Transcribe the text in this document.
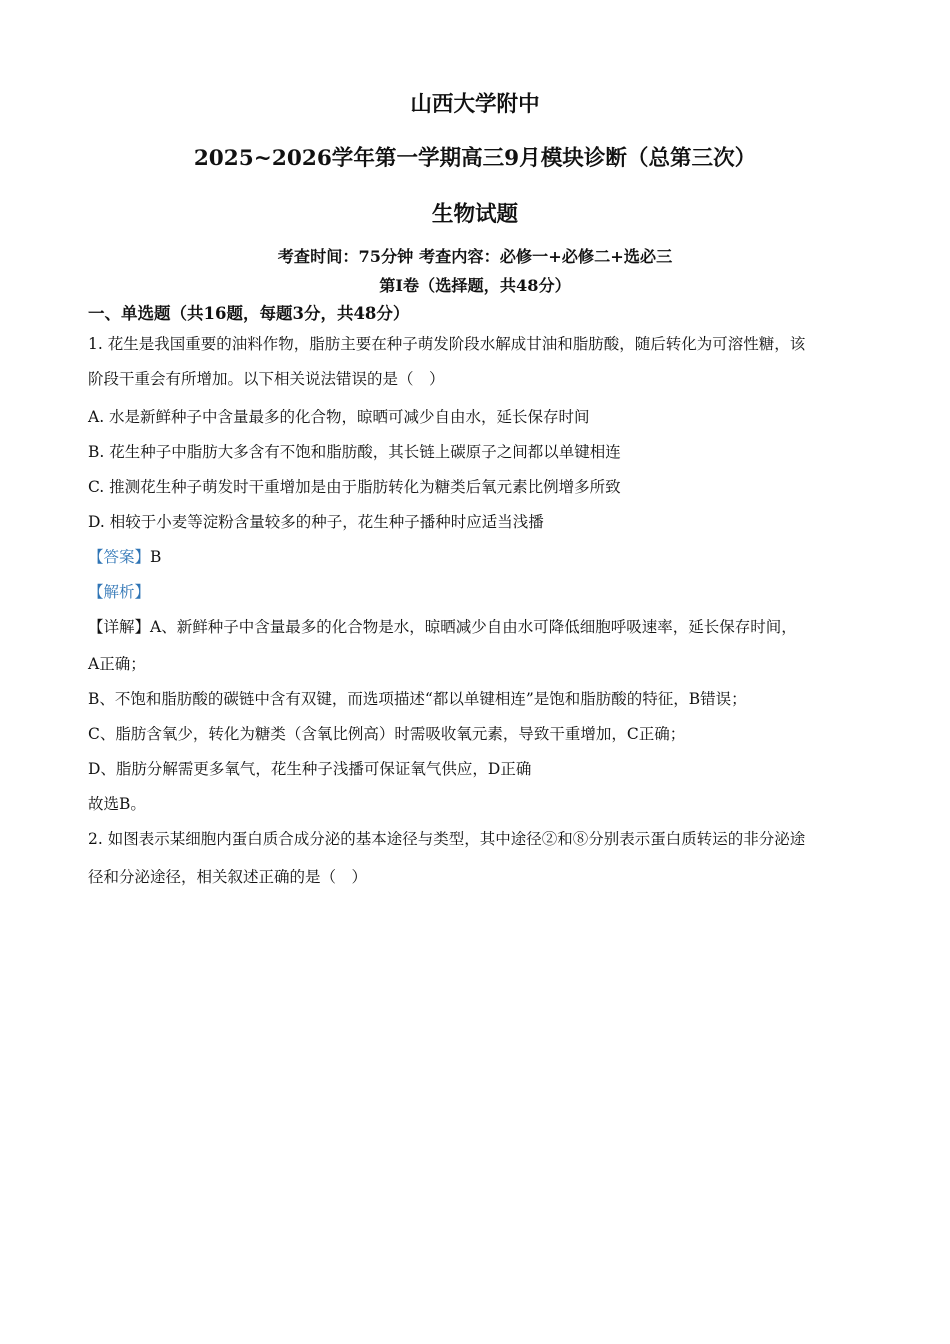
山西大学附中
2025~2026学年第一学期高三9月模块诊断（总第三次）
生物试题
考查时间：75分钟 考查内容：必修一+必修二+选必三
第Ⅰ卷（选择题，共48分）
一、单选题（共16题，每题3分，共48分）
1. 花生是我国重要的油料作物，脂肪主要在种子萌发阶段水解成甘油和脂肪酸，随后转化为可溶性糖，该
阶段干重会有所增加。以下相关说法错误的是（　）
A. 水是新鲜种子中含量最多的化合物，晾晒可减少自由水，延长保存时间
B. 花生种子中脂肪大多含有不饱和脂肪酸，其长链上碳原子之间都以单键相连
C. 推测花生种子萌发时干重增加是由于脂肪转化为糖类后氧元素比例增多所致
D. 相较于小麦等淀粉含量较多的种子，花生种子播种时应适当浅播
【答案】B
【解析】
【详解】A、新鲜种子中含量最多的化合物是水，晾晒减少自由水可降低细胞呼吸速率，延长保存时间，
A正确；
B、不饱和脂肪酸的碳链中含有双键，而选项描述“都以单键相连”是饱和脂肪酸的特征，B错误；
C、脂肪含氧少，转化为糖类（含氧比例高）时需吸收氧元素，导致干重增加，C正确；
D、脂肪分解需更多氧气，花生种子浅播可保证氧气供应，D正确
故选B。
2. 如图表示某细胞内蛋白质合成分泌的基本途径与类型，其中途径②和⑧分别表示蛋白质转运的非分泌途
径和分泌途径，相关叙述正确的是（　）
